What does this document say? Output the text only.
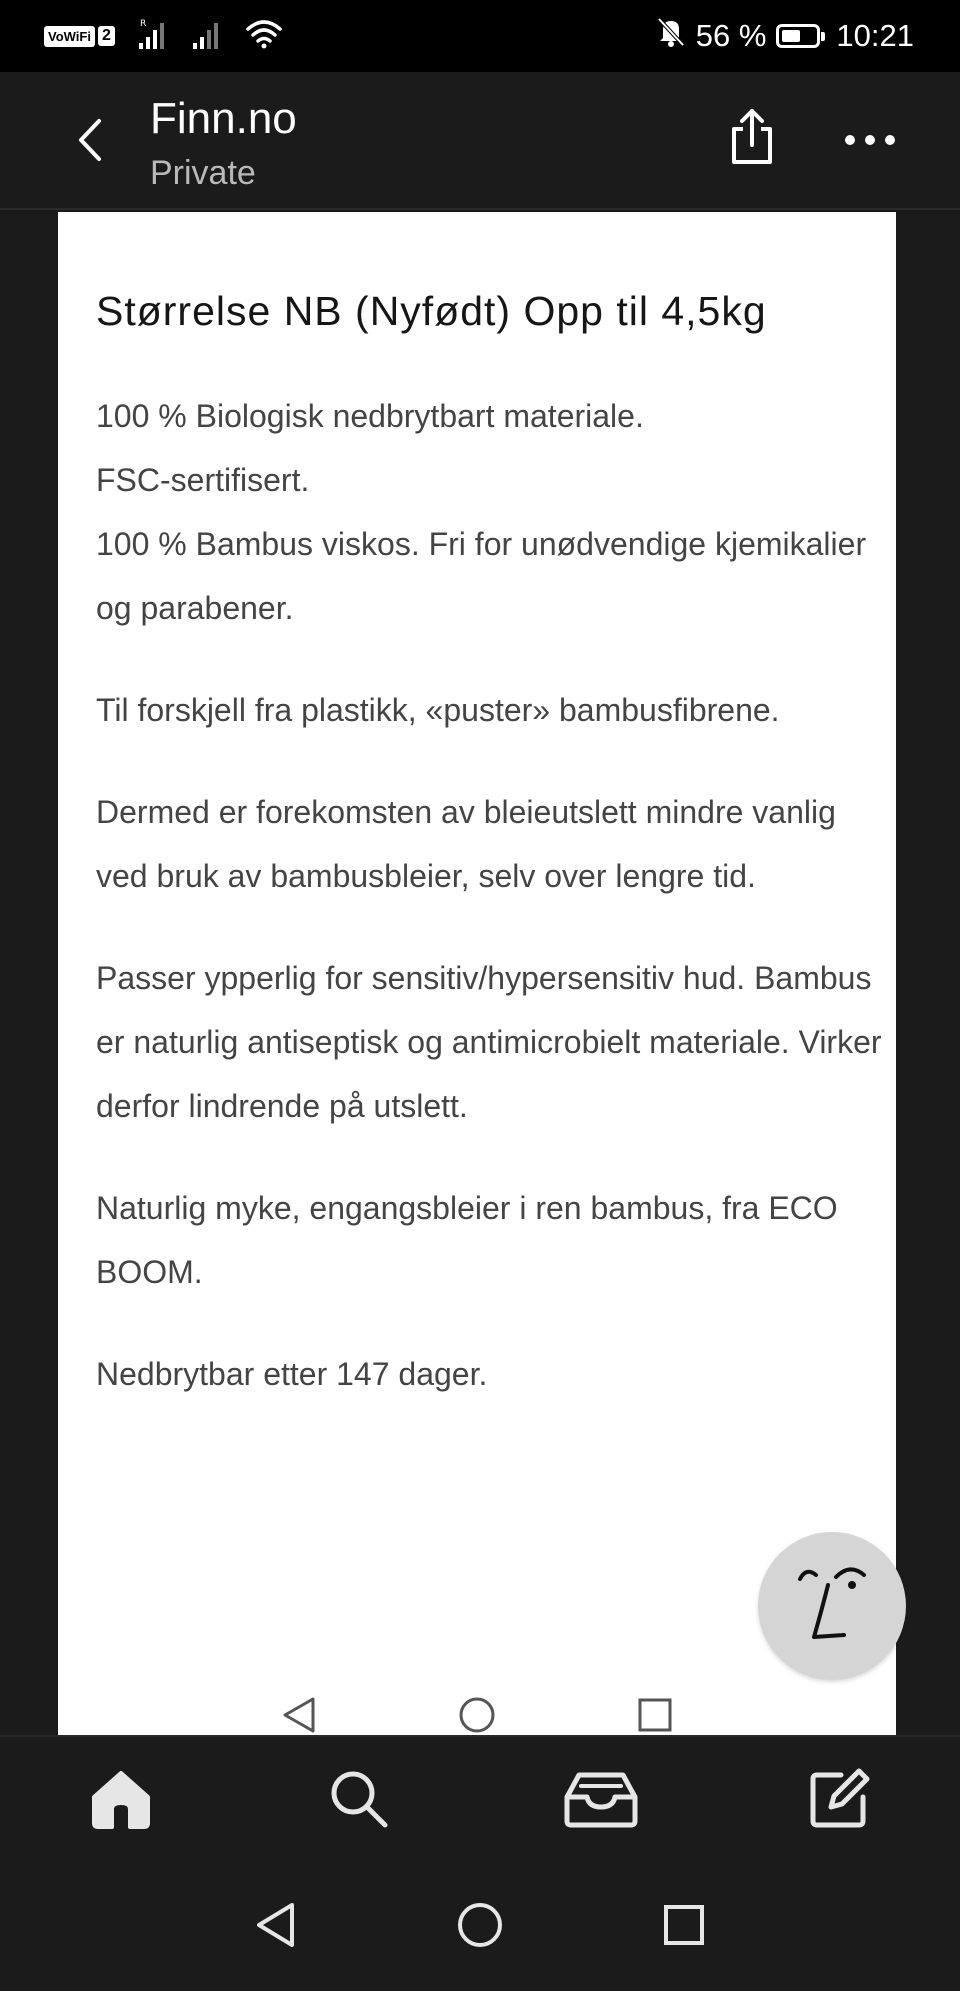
VoWiFi 2
R	56 % 10:21
Finn.no
Private
Størrelse NB (Nyfødt) Opp til 4,5kg

100 % Biologisk nedbrytbart materiale.
FSC-sertifisert.
100 % Bambus viskos. Fri for unødvendige kjemikalier og parabener.

Til forskjell fra plastikk, «puster» bambusfibrene.

Dermed er forekomsten av bleieutslett mindre vanlig ved bruk av bambusbleier, selv over lengre tid.

Passer ypperlig for sensitiv/hypersensitiv hud. Bambus er naturlig antiseptisk og antimicrobielt materiale. Virker derfor lindrende på utslett.

Naturlig myke, engangsbleier i ren bambus, fra ECO BOOM.

Nedbrytbar etter 147 dager.
